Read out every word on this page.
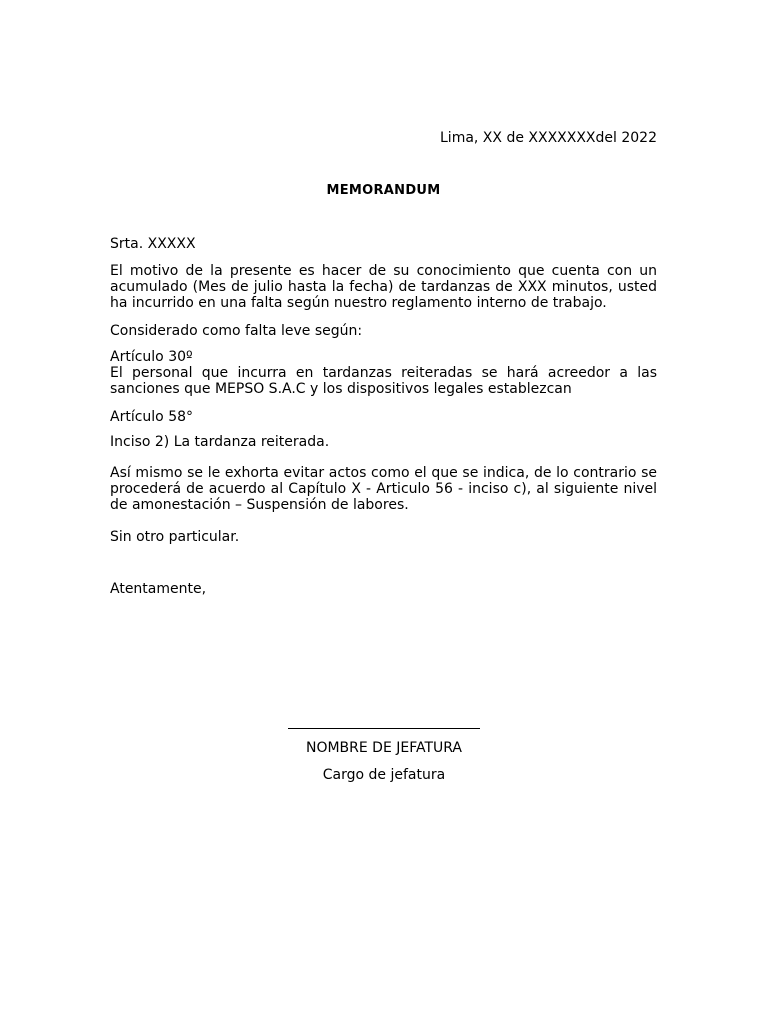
Lima, XX de XXXXXXXdel 2022

MEMORANDUM

Srta. XXXXX

El motivo de la presente es hacer de su conocimiento que cuenta con un acumulado (Mes de julio hasta la fecha) de tardanzas de XXX minutos, usted ha incurrido en una falta según nuestro reglamento interno de trabajo.

Considerado como falta leve según:

Artículo 30º

El personal que incurra en tardanzas reiteradas se hará acreedor a las sanciones que MEPSO S.A.C y los dispositivos legales establezcan

Artículo 58°

Inciso 2) La tardanza reiterada.

Así mismo se le exhorta evitar actos como el que se indica, de lo contrario se procederá de acuerdo al Capítulo X - Articulo 56 - inciso c), al siguiente nivel de amonestación – Suspensión de labores.

Sin otro particular.

Atentamente,

NOMBRE DE JEFATURA

Cargo de jefatura
